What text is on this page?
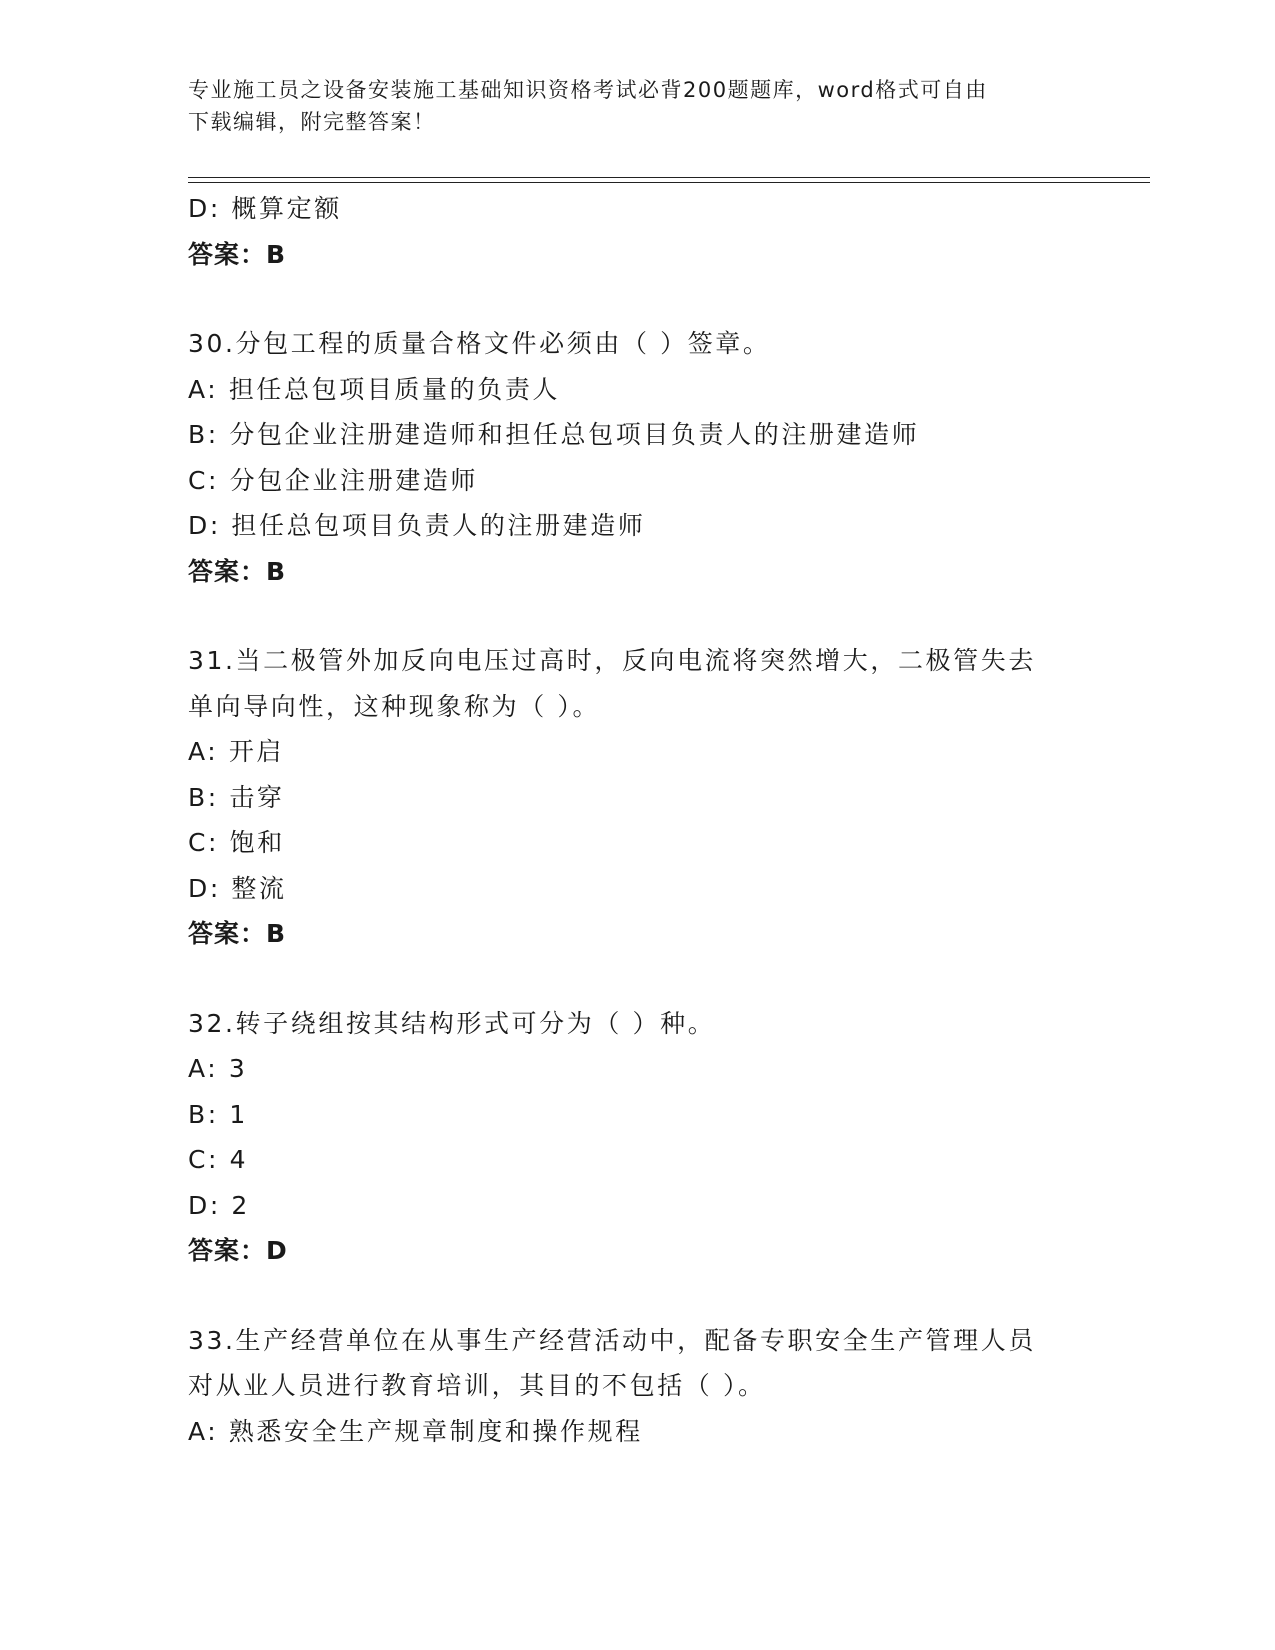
专业施工员之设备安装施工基础知识资格考试必背200题题库，word格式可自由
下载编辑，附完整答案！
D: 概算定额
答案：B
30.分包工程的质量合格文件必须由（ ）签章。
A: 担任总包项目质量的负责人
B: 分包企业注册建造师和担任总包项目负责人的注册建造师
C: 分包企业注册建造师
D: 担任总包项目负责人的注册建造师
答案：B
31.当二极管外加反向电压过高时，反向电流将突然增大，二极管失去
单向导向性，这种现象称为（ ）。
A: 开启
B: 击穿
C: 饱和
D: 整流
答案：B
32.转子绕组按其结构形式可分为（ ）种。
A: 3
B: 1
C: 4
D: 2
答案：D
33.生产经营单位在从事生产经营活动中，配备专职安全生产管理人员
对从业人员进行教育培训，其目的不包括（ ）。
A: 熟悉安全生产规章制度和操作规程
